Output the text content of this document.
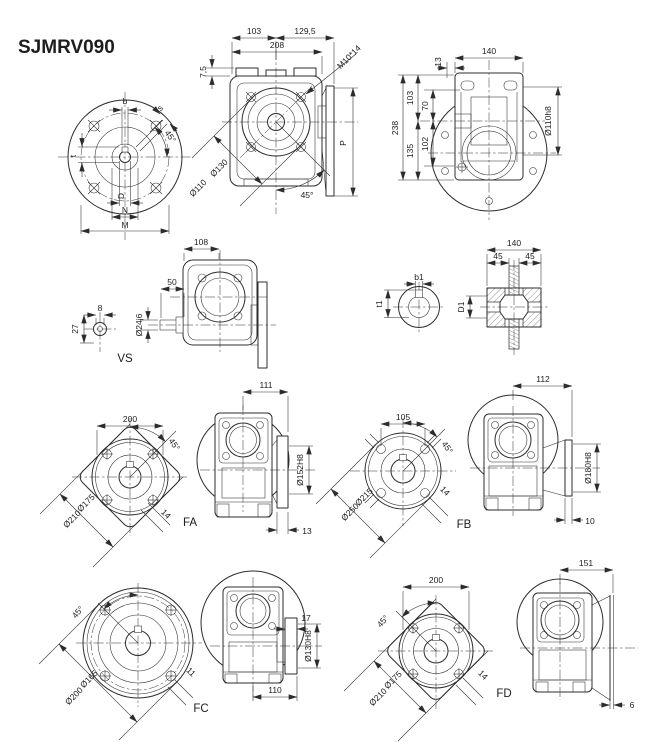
SJMRV090
b
s
45°
t
D
N
M
103	129,5
208
7,5
M10*14
Ø130
Ø110	45°
P
140
13
238
103
135
70
102
Ø110h8
8
27
VS
108
50
Ø24j6
b1
t1
140
45	45
D1
200
45°
Ø175
Ø210	14
FA
111
Ø152H8
13
105
45°
Ø215
Ø250
14
FB
112
Ø180H8
10
45°
Ø165
Ø200
11
FC
17
Ø130H8
110
200
45°
Ø175
Ø210
14
FD
151
6
